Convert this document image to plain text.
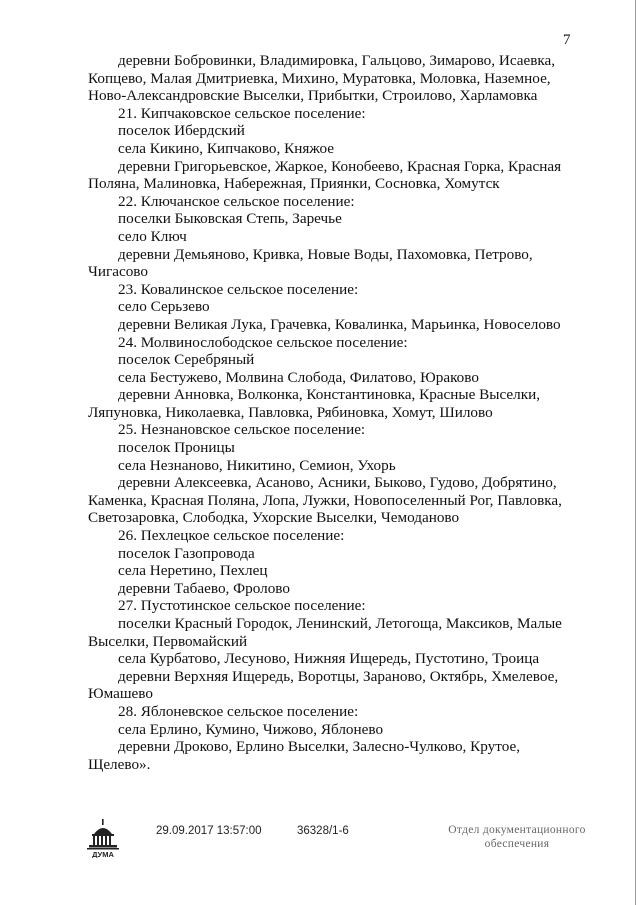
7

деревни Бобровинки, Владимировка, Гальцово, Зимарово, Исаевка,

Копцево, Малая Дмитриевка, Михино, Муратовка, Моловка, Наземное,

Ново-Александровские Выселки, Прибытки, Строилово, Харламовка

21. Кипчаковское сельское поселение:

поселок Ибердский

села Кикино, Кипчаково, Княжое

деревни Григорьевское, Жаркое, Конобеево, Красная Горка, Красная

Поляна, Малиновка, Набережная, Приянки, Сосновка, Хомутск

22. Ключанское сельское поселение:

поселки Быковская Степь, Заречье

село Ключ

деревни Демьяново, Кривка, Новые Воды, Пахомовка, Петрово,

Чигасово

23. Ковалинское сельское поселение:

село Серьзево

деревни Великая Лука, Грачевка, Ковалинка, Марьинка, Новоселово

24. Молвинослободское сельское поселение:

поселок Серебряный

села Бестужево, Молвина Слобода, Филатово, Юраково

деревни Анновка, Волконка, Константиновка, Красные Выселки,

Ляпуновка, Николаевка, Павловка, Рябиновка, Хомут, Шилово

25. Незнановское сельское поселение:

поселок Проницы

села Незнаново, Никитино, Семион, Ухорь

деревни Алексеевка, Асаново, Асники, Быково, Гудово, Добрятино,

Каменка, Красная Поляна, Лопа, Лужки, Новопоселенный Рог, Павловка,

Светозаровка, Слободка, Ухорские Выселки, Чемоданово

26. Пехлецкое сельское поселение:

поселок Газопровода

села Неретино, Пехлец

деревни Табаево, Фролово

27. Пустотинское сельское поселение:

поселки Красный Городок, Ленинский, Летогоща, Максиков, Малые

Выселки, Первомайский

села Курбатово, Лесуново, Нижняя Ищередь, Пустотино, Троица

деревни Верхняя Ищередь, Воротцы, Зараново, Октябрь, Хмелевое,

Юмашево

28. Яблоневское сельское поселение:

села Ерлино, Кумино, Чижово, Яблонево

деревни Дроково, Ерлино Выселки, Залесно-Чулково, Крутое,

Щелево».

ДУМА
29.09.2017 13:57:00	36328/1-6	Отдел документационного
обеспечения
